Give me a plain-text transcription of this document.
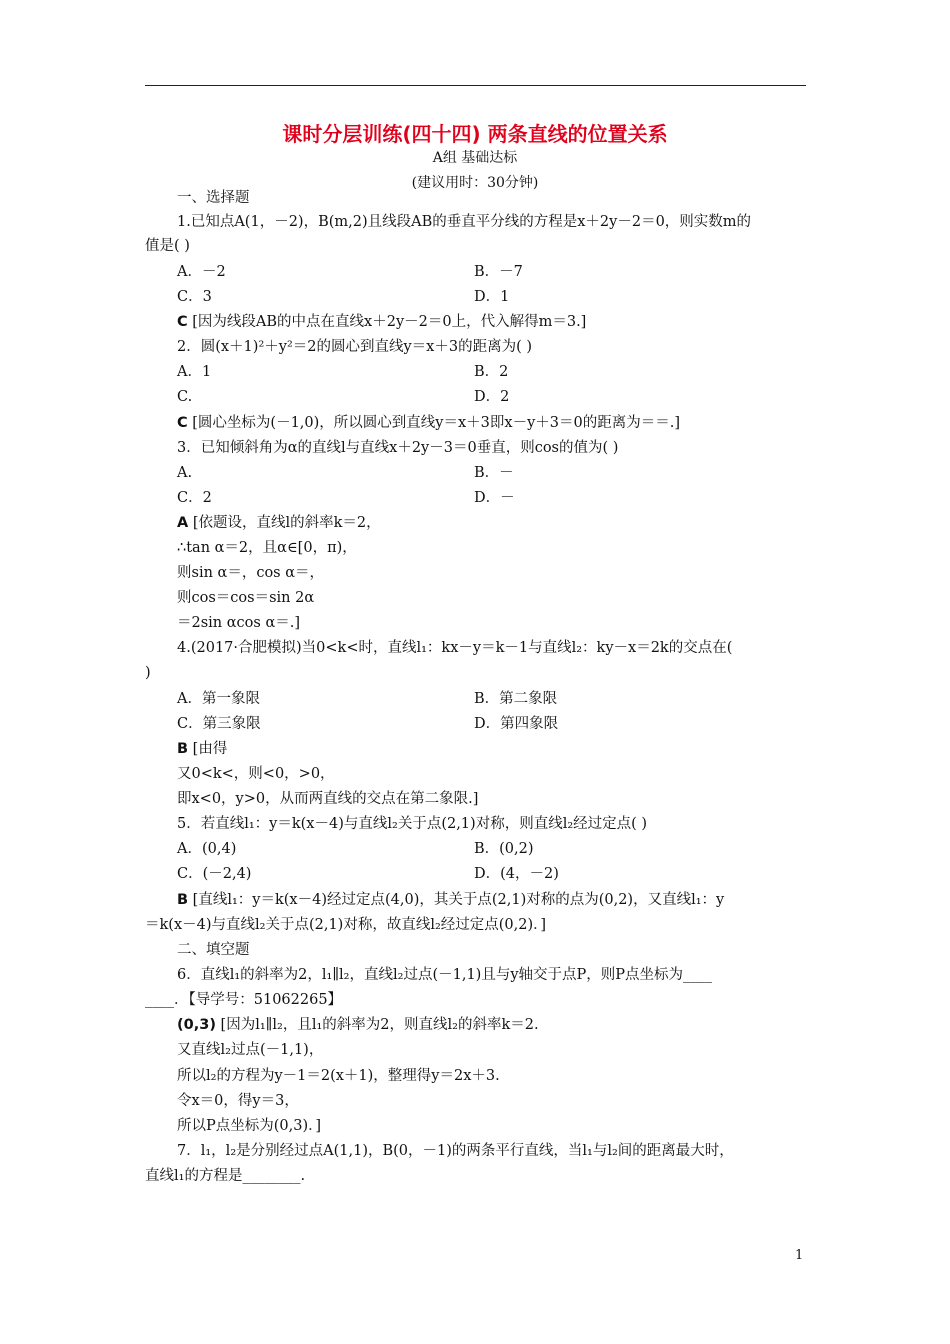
课时分层训练(四十四) 两条直线的位置关系
A组 基础达标
(建议用时：30分钟)
一、选择题
1.已知点A(1，－2)，B(m,2)且线段AB的垂直平分线的方程是x＋2y－2＝0，则实数m的
值是( )
A．－2	B．－7
C．3	D．1
C [因为线段AB的中点在直线x＋2y－2＝0上，代入解得m＝3.]
2．圆(x＋1)²＋y²＝2的圆心到直线y＝x＋3的距离为( )
A．1	B．2
C.	D．2
C [圆心坐标为(－1,0)，所以圆心到直线y＝x＋3即x－y＋3＝0的距离为＝＝.]
3．已知倾斜角为α的直线l与直线x＋2y－3＝0垂直，则cos的值为( )
A.	B．－
C．2	D．－
A [依题设，直线l的斜率k＝2，
∴tan α＝2，且α∈[0，π)，
则sin α＝，cos α＝，
则cos＝cos＝sin 2α
＝2sin αcos α＝.]
4.(2017·合肥模拟)当0<k<时，直线l₁：kx－y＝k－1与直线l₂：ky－x＝2k的交点在(
)
A．第一象限	B．第二象限
C．第三象限	D．第四象限
B [由得
又0<k<，则<0，>0，
即x<0，y>0，从而两直线的交点在第二象限.]
5．若直线l₁：y＝k(x－4)与直线l₂关于点(2,1)对称，则直线l₂经过定点( )
A．(0,4)	B．(0,2)
C．(－2,4)	D．(4，－2)
B [直线l₁：y＝k(x－4)经过定点(4,0)，其关于点(2,1)对称的点为(0,2)，又直线l₁：y
＝k(x－4)与直线l₂关于点(2,1)对称，故直线l₂经过定点(0,2)．]
二、填空题
6．直线l₁的斜率为2，l₁∥l₂，直线l₂过点(－1,1)且与y轴交于点P，则P点坐标为____
____．【导学号：51062265】
(0,3) [因为l₁∥l₂，且l₁的斜率为2，则直线l₂的斜率k＝2.
又直线l₂过点(－1,1)，
所以l₂的方程为y－1＝2(x＋1)，整理得y＝2x＋3.
令x＝0，得y＝3，
所以P点坐标为(0,3)．]
7．l₁，l₂是分别经过点A(1,1)，B(0，－1)的两条平行直线，当l₁与l₂间的距离最大时，
直线l₁的方程是________.
1
